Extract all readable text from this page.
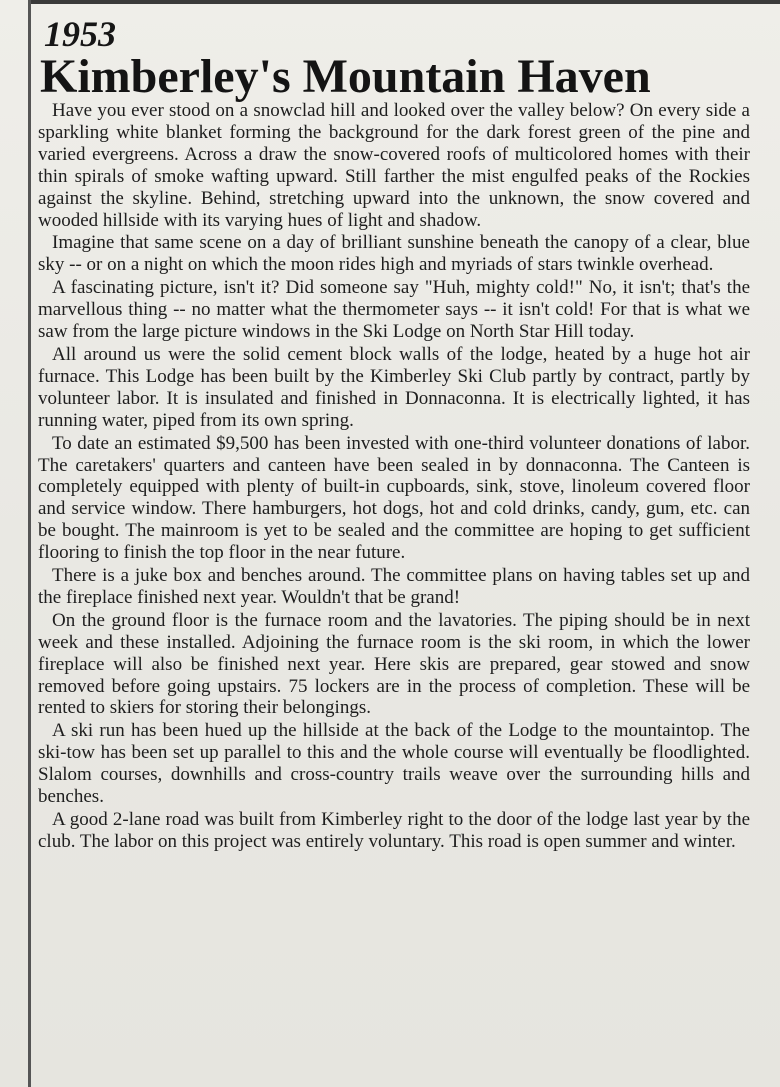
1953
Kimberley's Mountain Haven

Have you ever stood on a snowclad hill and looked over the valley below? On every side a sparkling white blanket forming the background for the dark forest green of the pine and varied evergreens. Across a draw the snow-covered roofs of multicolored homes with their thin spirals of smoke wafting upward. Still farther the mist engulfed peaks of the Rockies against the skyline. Behind, stretching upward into the unknown, the snow covered and wooded hillside with its varying hues of light and shadow.

Imagine that same scene on a day of brilliant sunshine beneath the canopy of a clear, blue sky -- or on a night on which the moon rides high and myriads of stars twinkle overhead.

A fascinating picture, isn't it? Did someone say "Huh, mighty cold!" No, it isn't; that's the marvellous thing -- no matter what the thermometer says -- it isn't cold! For that is what we saw from the large picture windows in the Ski Lodge on North Star Hill today.

All around us were the solid cement block walls of the lodge, heated by a huge hot air furnace. This Lodge has been built by the Kimberley Ski Club partly by contract, partly by volunteer labor. It is insulated and finished in Donnaconna. It is electrically lighted, it has running water, piped from its own spring.

To date an estimated $9,500 has been invested with one-third volunteer donations of labor. The caretakers' quarters and canteen have been sealed in by donnaconna. The Canteen is completely equipped with plenty of built-in cupboards, sink, stove, linoleum covered floor and service window. There hamburgers, hot dogs, hot and cold drinks, candy, gum, etc. can be bought. The mainroom is yet to be sealed and the committee are hoping to get sufficient flooring to finish the top floor in the near future.

There is a juke box and benches around. The committee plans on having tables set up and the fireplace finished next year. Wouldn't that be grand!

On the ground floor is the furnace room and the lavatories. The piping should be in next week and these installed. Adjoining the furnace room is the ski room, in which the lower fireplace will also be finished next year. Here skis are prepared, gear stowed and snow removed before going upstairs. 75 lockers are in the process of completion. These will be rented to skiers for storing their belongings.

A ski run has been hued up the hillside at the back of the Lodge to the mountaintop. The ski-tow has been set up parallel to this and the whole course will eventually be floodlighted. Slalom courses, downhills and cross-country trails weave over the surrounding hills and benches.

A good 2-lane road was built from Kimberley right to the door of the lodge last year by the club. The labor on this project was entirely voluntary. This road is open summer and winter.
